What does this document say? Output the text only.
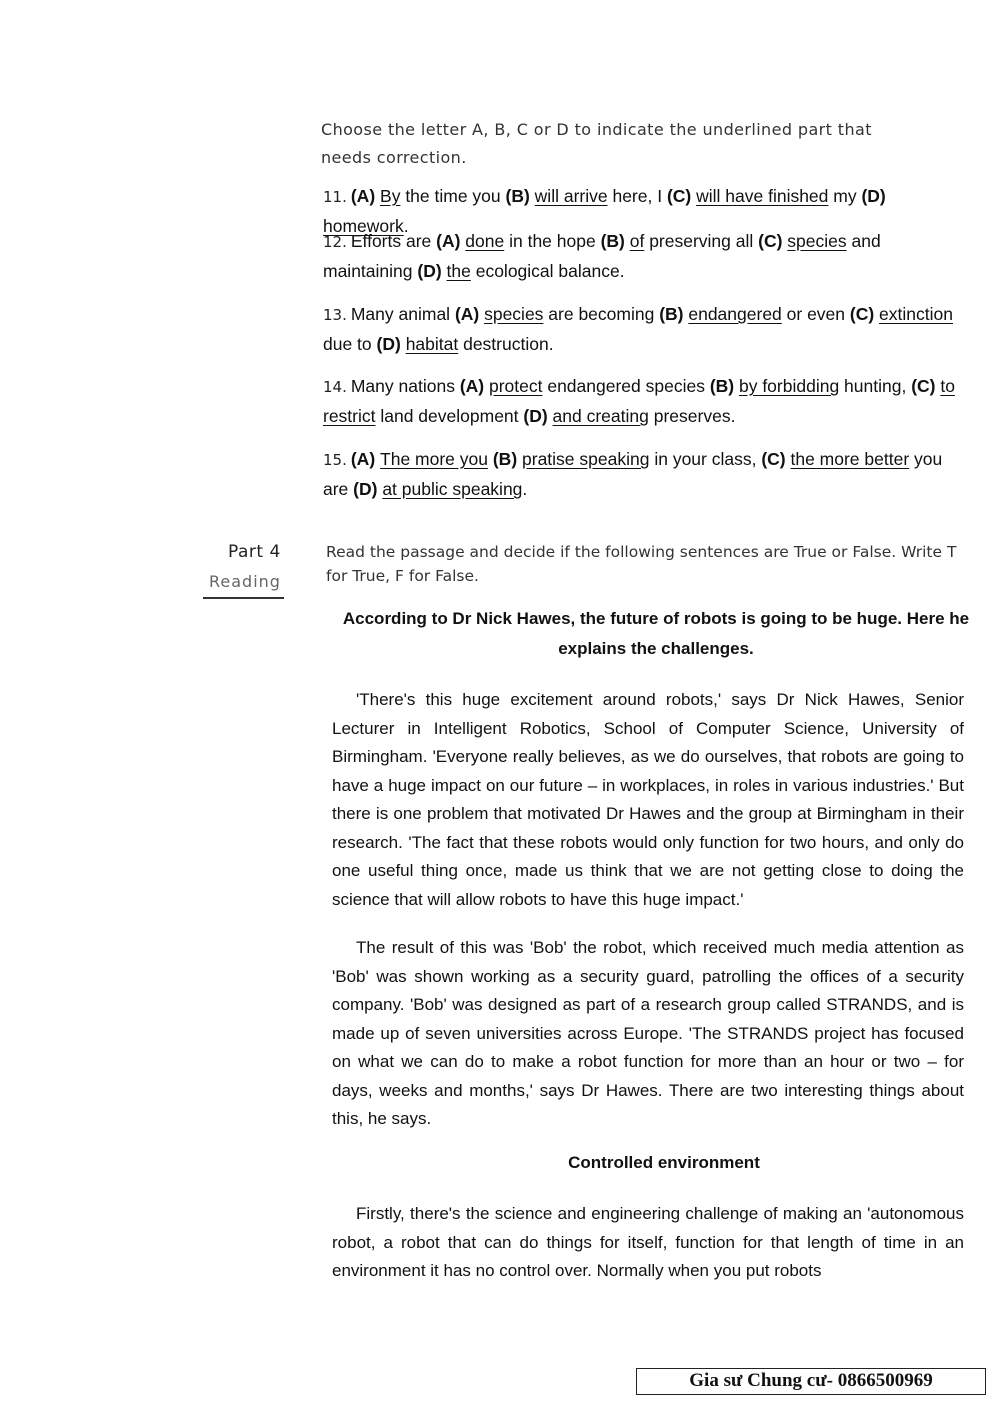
Choose the letter A, B, C or D to indicate the underlined part that needs correction.
11. (A) By the time you (B) will arrive here, I (C) will have finished my (D) homework.
12. Efforts are (A) done in the hope (B) of preserving all (C) species and maintaining (D) the ecological balance.
13. Many animal (A) species are becoming (B) endangered or even (C) extinction due to (D) habitat destruction.
14. Many nations (A) protect endangered species (B) by forbidding hunting, (C) to restrict land development (D) and creating preserves.
15. (A) The more you (B) pratise speaking in your class, (C) the more better you are (D) at public speaking.
Part 4
Reading
Read the passage and decide if the following sentences are True or False. Write T for True, F for False.
According to Dr Nick Hawes, the future of robots is going to be huge. Here he explains the challenges.
'There's this huge excitement around robots,' says Dr Nick Hawes, Senior Lecturer in Intelligent Robotics, School of Computer Science, University of Birmingham. 'Everyone really believes, as we do ourselves, that robots are going to have a huge impact on our future – in workplaces, in roles in various industries.' But there is one problem that motivated Dr Hawes and the group at Birmingham in their research. 'The fact that these robots would only function for two hours, and only do one useful thing once, made us think that we are not getting close to doing the science that will allow robots to have this huge impact.'
The result of this was 'Bob' the robot, which received much media attention as 'Bob' was shown working as a security guard, patrolling the offices of a security company. 'Bob' was designed as part of a research group called STRANDS, and is made up of seven universities across Europe. 'The STRANDS project has focused on what we can do to make a robot function for more than an hour or two – for days, weeks and months,' says Dr Hawes. There are two interesting things about this, he says.
Controlled environment
Firstly, there's the science and engineering challenge of making an 'autonomous robot, a robot that can do things for itself, function for that length of time in an environment it has no control over. Normally when you put robots
Gia sư Chung cư- 0866500969
